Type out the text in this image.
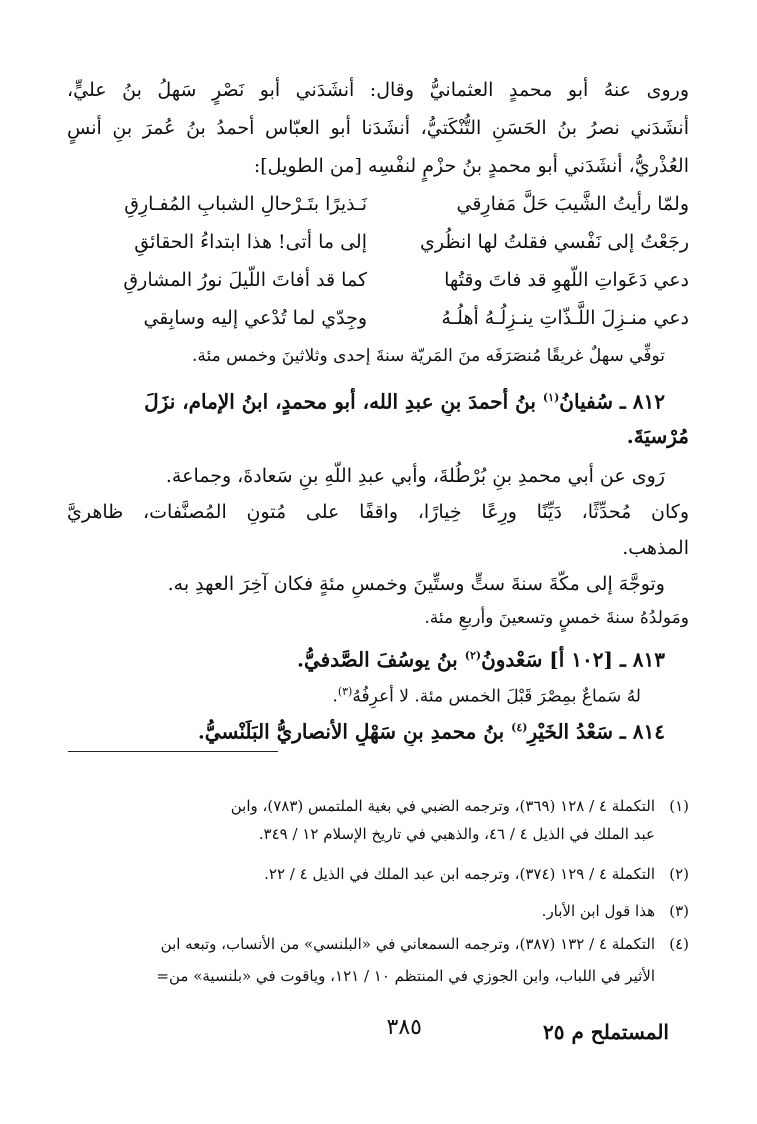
وروى عنهُ أبو محمدٍ العثمانيُّ وقال: أنشَدَني أبو نَصْرٍ سَهلُ بنُ عليٍّ،
أنشَدَني نصرُ بنُ الحَسَنِ التُّنْكَتيُّ، أنشَدَنا أبو العبّاس أحمدُ بنُ عُمرَ بنِ أنسٍ
العُذْريُّ، أنشَدَني أبو محمدٍ بنُ حزْمٍ لنفْسِه [من الطويل]:
ولمّا رأيتُ الشَّيبَ حَلَّ مَفارِقي
نَـذيرًا بتَـرْحالِ الشبابِ المُفـارِقِ
رجَعْتُ إلى نَفْسي فقلتُ لها انظُري
إلى ما أتى! هذا ابتداءُ الحقائقِ
دعي دَعَواتِ اللّهوِ قد فاتَ وقتُها
كما قد أفاتَ اللّيلَ نورُ المشارقِ
دعي منـزِلَ اللَّـذّاتِ ينـزِلُـهُ أهلُـهُ
وجِدّي لما تُدْعي إليه وسابِقي
توفِّي سهلٌ غريقًا مُنصَرَفَه منَ المَريّة سنةَ إحدى وثلاثينَ وخمس مئة.
٨١٢ ـ سُفيانُ$^{(١)}$ بنُ أحمدَ بنِ عبدِ الله، أبو محمدٍ، ابنُ الإمام، نزَلَ
مُرْسيَةَ.
رَوى عن أبي محمدِ بنِ بُرْطُلةَ، وأبي عبدِ اللّهِ بنِ سَعادةَ، وجماعة.
وكان مُحدِّثًا، دَيِّنًا ورِعًا خِيارًا، واقفًا على مُتونِ المُصنَّفات، ظاهريَّ
المذهب.
وتوجَّهَ إلى مكّةَ سنةَ ستٍّ وستِّينَ وخمسِ مئةٍ فكان آخِرَ العهدِ به.
ومَولدُهُ سنةَ خمسٍ وتسعينَ وأربعِ مئة.
٨١٣ ـ [١٠٢ أ] سَعْدونُ$^{(٢)}$ بنُ يوسُفَ الصَّدفيُّ.
لهُ سَماعٌ بمِصْرَ قَبْلَ الخمس مئة. لا أعرِفُهُ$^{(٣)}$.
٨١٤ ـ سَعْدُ الخَيْرِ$^{(٤)}$ بنُ محمدِ بنِ سَهْلٍ الأنصاريُّ البَلَنْسيُّ.
(١)التكملة ٤ / ١٢٨ (٣٦٩)، وترجمه الضبي في بغية الملتمس (٧٨٣)، وابن
عبد الملك في الذيل ٤ / ٤٦، والذهبي في تاريخ الإسلام ١٢ / ٣٤٩.
(٢)التكملة ٤ / ١٢٩ (٣٧٤)، وترجمه ابن عبد الملك في الذيل ٤ / ٢٢.
(٣)هذا قول ابن الأبار.
(٤)التكملة ٤ / ١٣٢ (٣٨٧)، وترجمه السمعاني في «البلنسي» من الأنساب، وتبعه ابن
الأثير في اللباب، وابن الجوزي في المنتظم ١٠ / ١٢١، وياقوت في «بلنسية» من=
المستملح م ٢٥
٣٨٥
